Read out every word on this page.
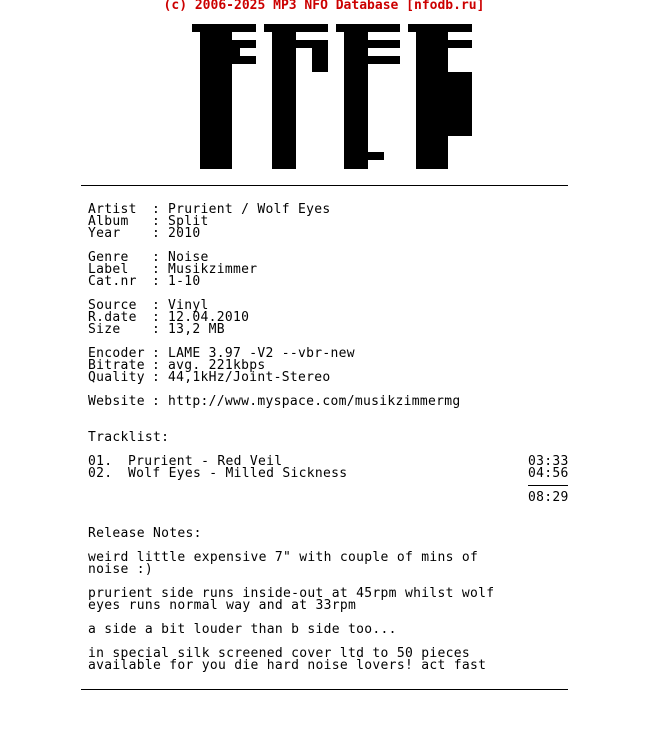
(c) 2006-2025 MP3 NFO Database [nfodb.ru]
Artist : Prurient / Wolf Eyes
Album : Split
Year : 2010
Genre : Noise
Label : Musikzimmer
Cat.nr : 1-10
Source : Vinyl
R.date : 12.04.2010
Size : 13,2 MB
Encoder : LAME 3.97 -V2 --vbr-new
Bitrate : avg. 221kbps
Quality : 44,1kHz/Joint-Stereo
Website : http://www.myspace.com/musikzimmermg
Tracklist:
01. Prurient - Red Veil	03:33
02. Wolf Eyes - Milled Sickness	04:56
08:29
Release Notes:
weird little expensive 7" with couple of mins of
noise :)
prurient side runs inside-out at 45rpm whilst wolf
eyes runs normal way and at 33rpm
a side a bit louder than b side too...
in special silk screened cover ltd to 50 pieces
available for you die hard noise lovers! act fast
